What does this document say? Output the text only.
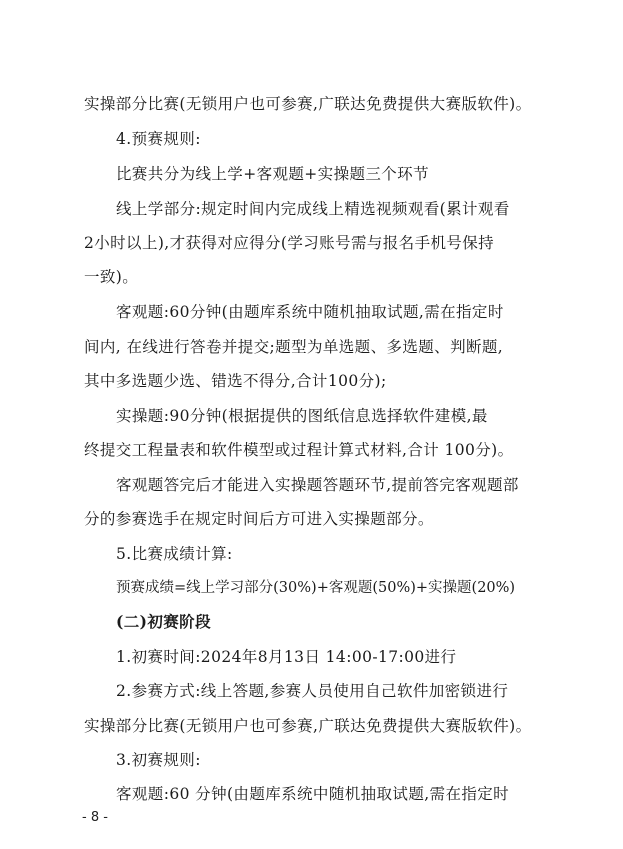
实操部分比赛(无锁用户也可参赛,广联达免费提供大赛版软件)。
4.预赛规则:
比赛共分为线上学+客观题+实操题三个环节
线上学部分:规定时间内完成线上精选视频观看(累计观看
2小时以上),才获得对应得分(学习账号需与报名手机号保持
一致)。
客观题:60分钟(由题库系统中随机抽取试题,需在指定时
间内, 在线进行答卷并提交;题型为单选题、多选题、判断题,
其中多选题少选、错选不得分,合计100分);
实操题:90分钟(根据提供的图纸信息选择软件建模,最
终提交工程量表和软件模型或过程计算式材料,合计 100分)。
客观题答完后才能进入实操题答题环节,提前答完客观题部
分的参赛选手在规定时间后方可进入实操题部分。
5.比赛成绩计算:
预赛成绩=线上学习部分(30%)+客观题(50%)+实操题(20%)
(二)初赛阶段
1.初赛时间:2024年8月13日 14:00-17:00进行
2.参赛方式:线上答题,参赛人员使用自己软件加密锁进行
实操部分比赛(无锁用户也可参赛,广联达免费提供大赛版软件)。
3.初赛规则:
客观题:60 分钟(由题库系统中随机抽取试题,需在指定时
- 8 -
